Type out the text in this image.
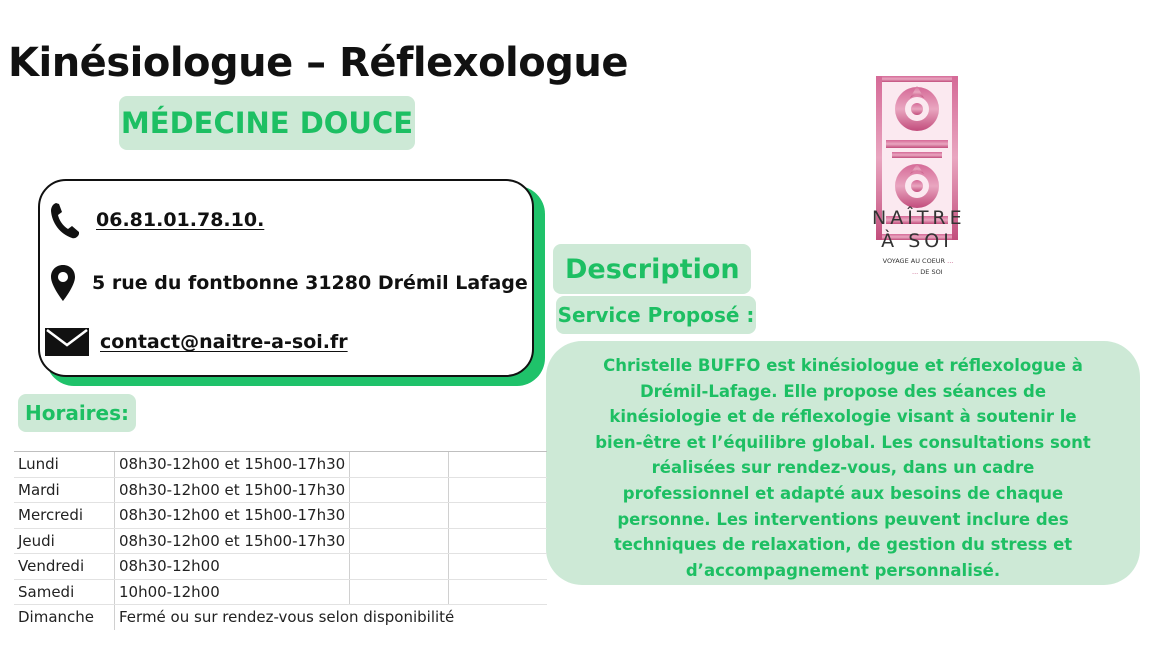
Kinésiologue – Réflexologue
MÉDECINE DOUCE
06.81.01.78.10.
5 rue du fontbonne 31280 Drémil Lafage
contact@naitre-a-soi.fr
Description
Service Proposé :
Christelle BUFFO est kinésiologue et réflexologue à Drémil-Lafage. Elle propose des séances de kinésiologie et de réflexologie visant à soutenir le bien-être et l’équilibre global. Les consultations sont réalisées sur rendez-vous, dans un cadre professionnel et adapté aux besoins de chaque personne. Les interventions peuvent inclure des techniques de relaxation, de gestion du stress et d’accompagnement personnalisé.
Horaires:
Lundi	08h30-12h00 et 15h00-17h30		
Mardi	08h30-12h00 et 15h00-17h30		
Mercredi	08h30-12h00 et 15h00-17h30		
Jeudi	08h30-12h00 et 15h00-17h30		
Vendredi	08h30-12h00		
Samedi	10h00-12h00		
Dimanche	Fermé ou sur rendez-vous selon disponibilité		
NAÎTRE
À SOI
VOYAGE AU COEUR ...
... DE SOI
